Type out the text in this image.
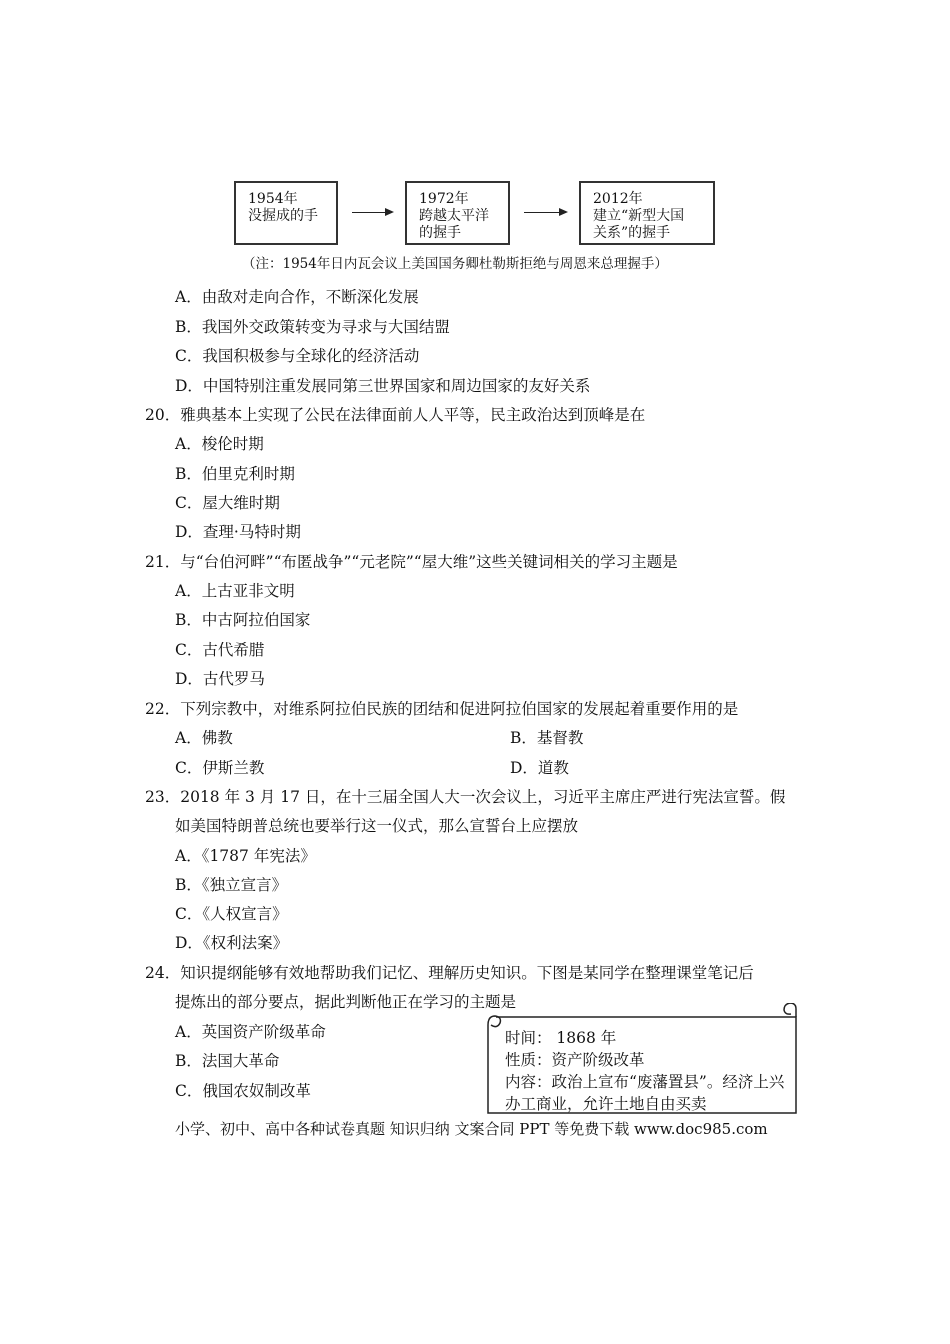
1954年
没握成的手
1972年
跨越太平洋
的握手
2012年
建立“新型大国
关系”的握手
（注：1954年日内瓦会议上美国国务卿杜勒斯拒绝与周恩来总理握手）
A．由敌对走向合作，不断深化发展
B．我国外交政策转变为寻求与大国结盟
C．我国积极参与全球化的经济活动
D．中国特别注重发展同第三世界国家和周边国家的友好关系
20．雅典基本上实现了公民在法律面前人人平等，民主政治达到顶峰是在
A．梭伦时期
B．伯里克利时期
C．屋大维时期
D．查理·马特时期
21．与“台伯河畔”“布匿战争”“元老院”“屋大维”这些关键词相关的学习主题是
A．上古亚非文明
B．中古阿拉伯国家
C．古代希腊
D．古代罗马
22．下列宗教中，对维系阿拉伯民族的团结和促进阿拉伯国家的发展起着重要作用的是
A．佛教	B．基督教
C．伊斯兰教	D．道教
23．2018 年 3 月 17 日，在十三届全国人大一次会议上，习近平主席庄严进行宪法宣誓。假
如美国特朗普总统也要举行这一仪式，那么宣誓台上应摆放
A．《1787 年宪法》
B．《独立宣言》
C．《人权宣言》
D．《权利法案》
24．知识提纲能够有效地帮助我们记忆、理解历史知识。下图是某同学在整理课堂笔记后
提炼出的部分要点，据此判断他正在学习的主题是
A．英国资产阶级革命
B．法国大革命
C．俄国农奴制改革
时间： 1868 年
性质：资产阶级改革
内容：政治上宣布“废藩置县”。经济上兴办工商业，允许土地自由买卖
小学、初中、高中各种试卷真题 知识归纳 文案合同 PPT 等免费下载 www.doc985.com
